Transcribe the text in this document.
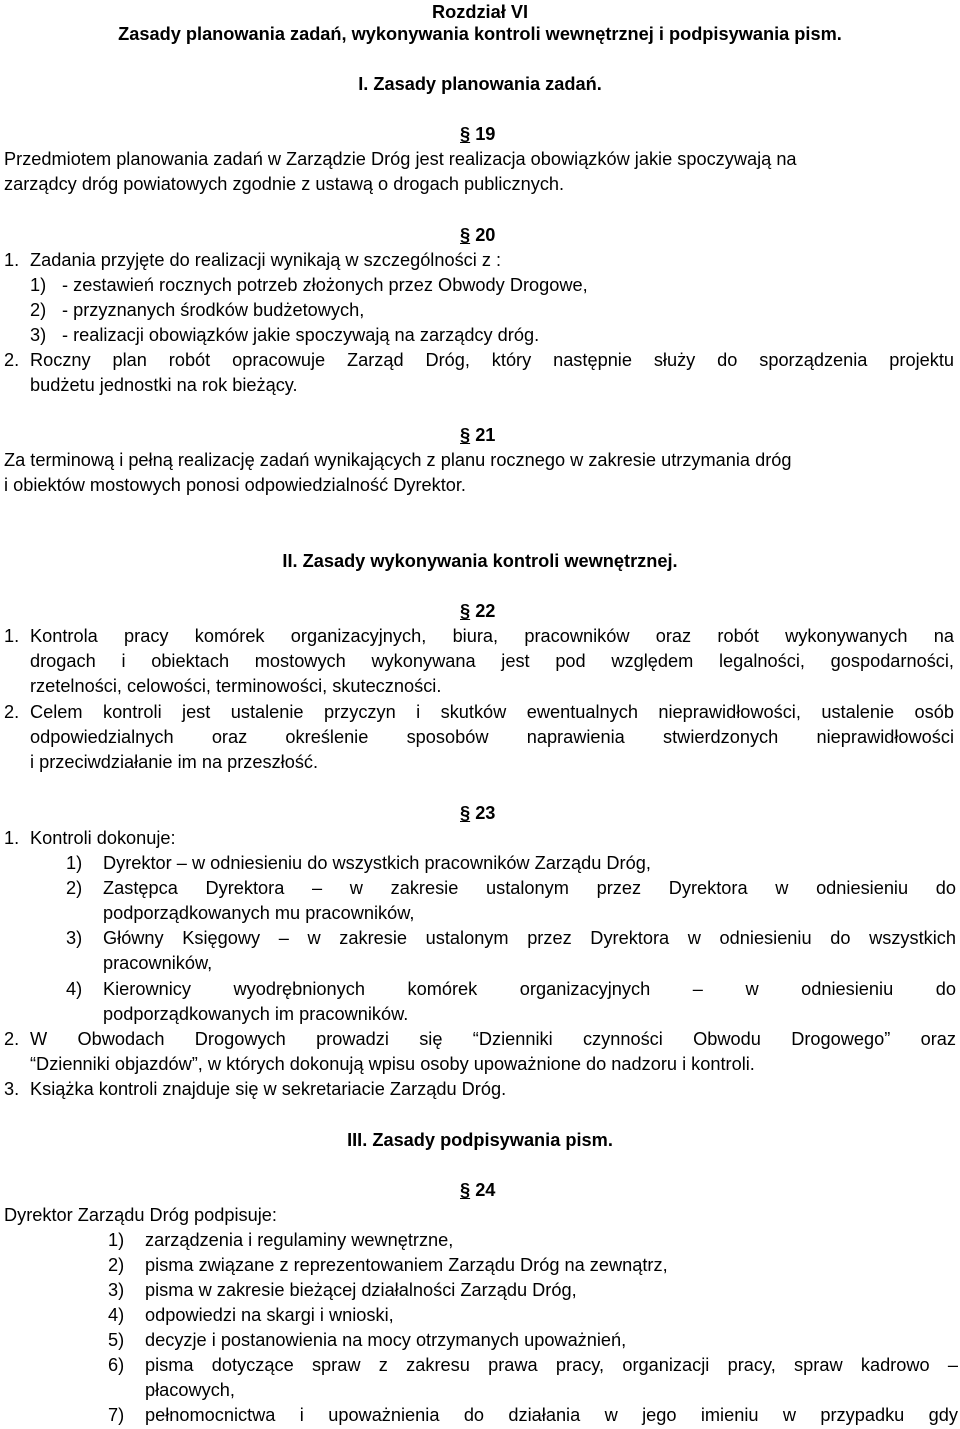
Rozdział VI
Zasady planowania zadań, wykonywania kontroli wewnętrznej i podpisywania pism.
I. Zasady planowania zadań.
§ 19
Przedmiotem planowania zadań w Zarządzie Dróg jest realizacja obowiązków jakie spoczywają na
zarządcy dróg powiatowych zgodnie z ustawą o drogach publicznych.
§ 20
1. Zadania przyjęte do realizacji wynikają w szczególności z :
1) - zestawień rocznych potrzeb złożonych przez Obwody Drogowe,
2) - przyznanych środków budżetowych,
3) - realizacji obowiązków jakie spoczywają na zarządcy dróg.
2. Roczny plan robót opracowuje Zarząd Dróg, który następnie służy do sporządzenia projektu
budżetu jednostki na rok bieżący.
§ 21
Za terminową i pełną realizację zadań wynikających z planu rocznego w zakresie utrzymania dróg
i obiektów mostowych ponosi odpowiedzialność Dyrektor.
II. Zasady wykonywania kontroli wewnętrznej.
§ 22
1. Kontrola pracy komórek organizacyjnych, biura, pracowników oraz robót wykonywanych na
drogach i obiektach mostowych wykonywana jest pod względem legalności, gospodarności,
rzetelności, celowości, terminowości, skuteczności.
2. Celem kontroli jest ustalenie przyczyn i skutków ewentualnych nieprawidłowości, ustalenie osób
odpowiedzialnych oraz określenie sposobów naprawienia stwierdzonych nieprawidłowości
i przeciwdziałanie im na przeszłość.
§ 23
1. Kontroli dokonuje:
1) Dyrektor – w odniesieniu do wszystkich pracowników Zarządu Dróg,
2) Zastępca Dyrektora – w zakresie ustalonym przez Dyrektora w odniesieniu do
podporządkowanych mu pracowników,
3) Główny Księgowy – w zakresie ustalonym przez Dyrektora w odniesieniu do wszystkich
pracowników,
4) Kierownicy wyodrębnionych komórek organizacyjnych – w odniesieniu do
podporządkowanych im pracowników.
2. W Obwodach Drogowych prowadzi się “Dzienniki czynności Obwodu Drogowego” oraz
“Dzienniki objazdów”, w których dokonują wpisu osoby upoważnione do nadzoru i kontroli.
3. Książka kontroli znajduje się w sekretariacie Zarządu Dróg.
III. Zasady podpisywania pism.
§ 24
Dyrektor Zarządu Dróg podpisuje:
1) zarządzenia i regulaminy wewnętrzne,
2) pisma związane z reprezentowaniem Zarządu Dróg na zewnątrz,
3) pisma w zakresie bieżącej działalności Zarządu Dróg,
4) odpowiedzi na skargi i wnioski,
5) decyzje i postanowienia na mocy otrzymanych upoważnień,
6) pisma dotyczące spraw z zakresu prawa pracy, organizacji pracy, spraw kadrowo –
płacowych,
7) pełnomocnictwa i upoważnienia do działania w jego imieniu w przypadku gdy
